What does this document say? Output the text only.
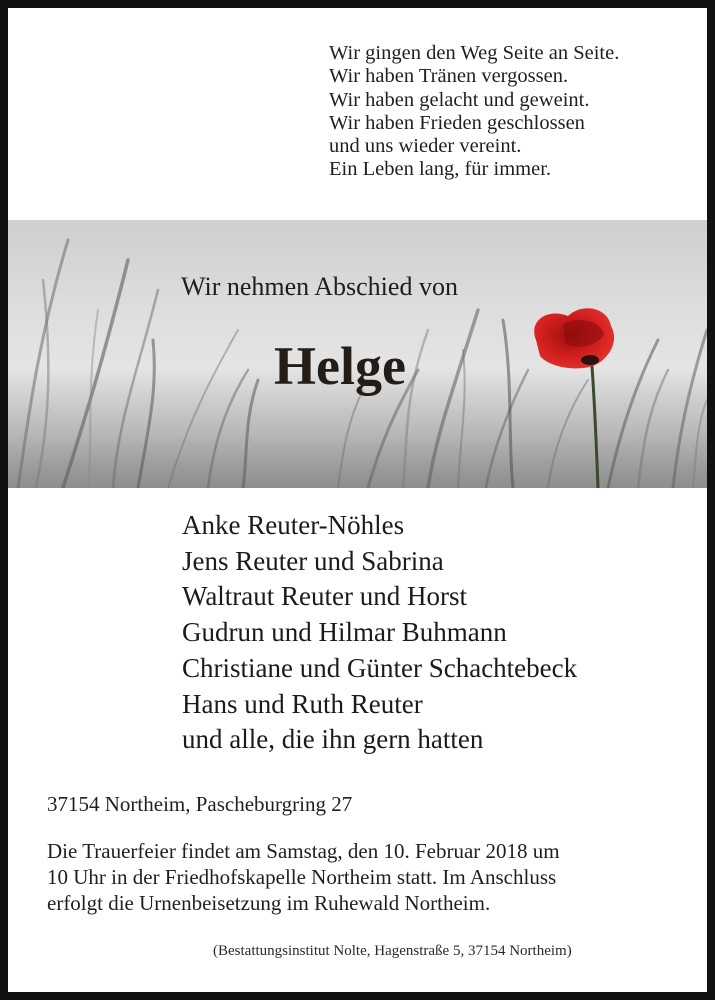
Wir gingen den Weg Seite an Seite.
Wir haben Tränen vergossen.
Wir haben gelacht und geweint.
Wir haben Frieden geschlossen
und uns wieder vereint.
Ein Leben lang, für immer.
Wir nehmen Abschied von
Helge
Anke Reuter-Nöhles
Jens Reuter und Sabrina
Waltraut Reuter und Horst
Gudrun und Hilmar Buhmann
Christiane und Günter Schachtebeck
Hans und Ruth Reuter
und alle, die ihn gern hatten
37154 Northeim, Pascheburgring 27
Die Trauerfeier findet am Samstag, den 10. Februar 2018 um
10 Uhr in der Friedhofskapelle Northeim statt. Im Anschluss
erfolgt die Urnenbeisetzung im Ruhewald Northeim.
(Bestattungsinstitut Nolte, Hagenstraße 5, 37154 Northeim)
